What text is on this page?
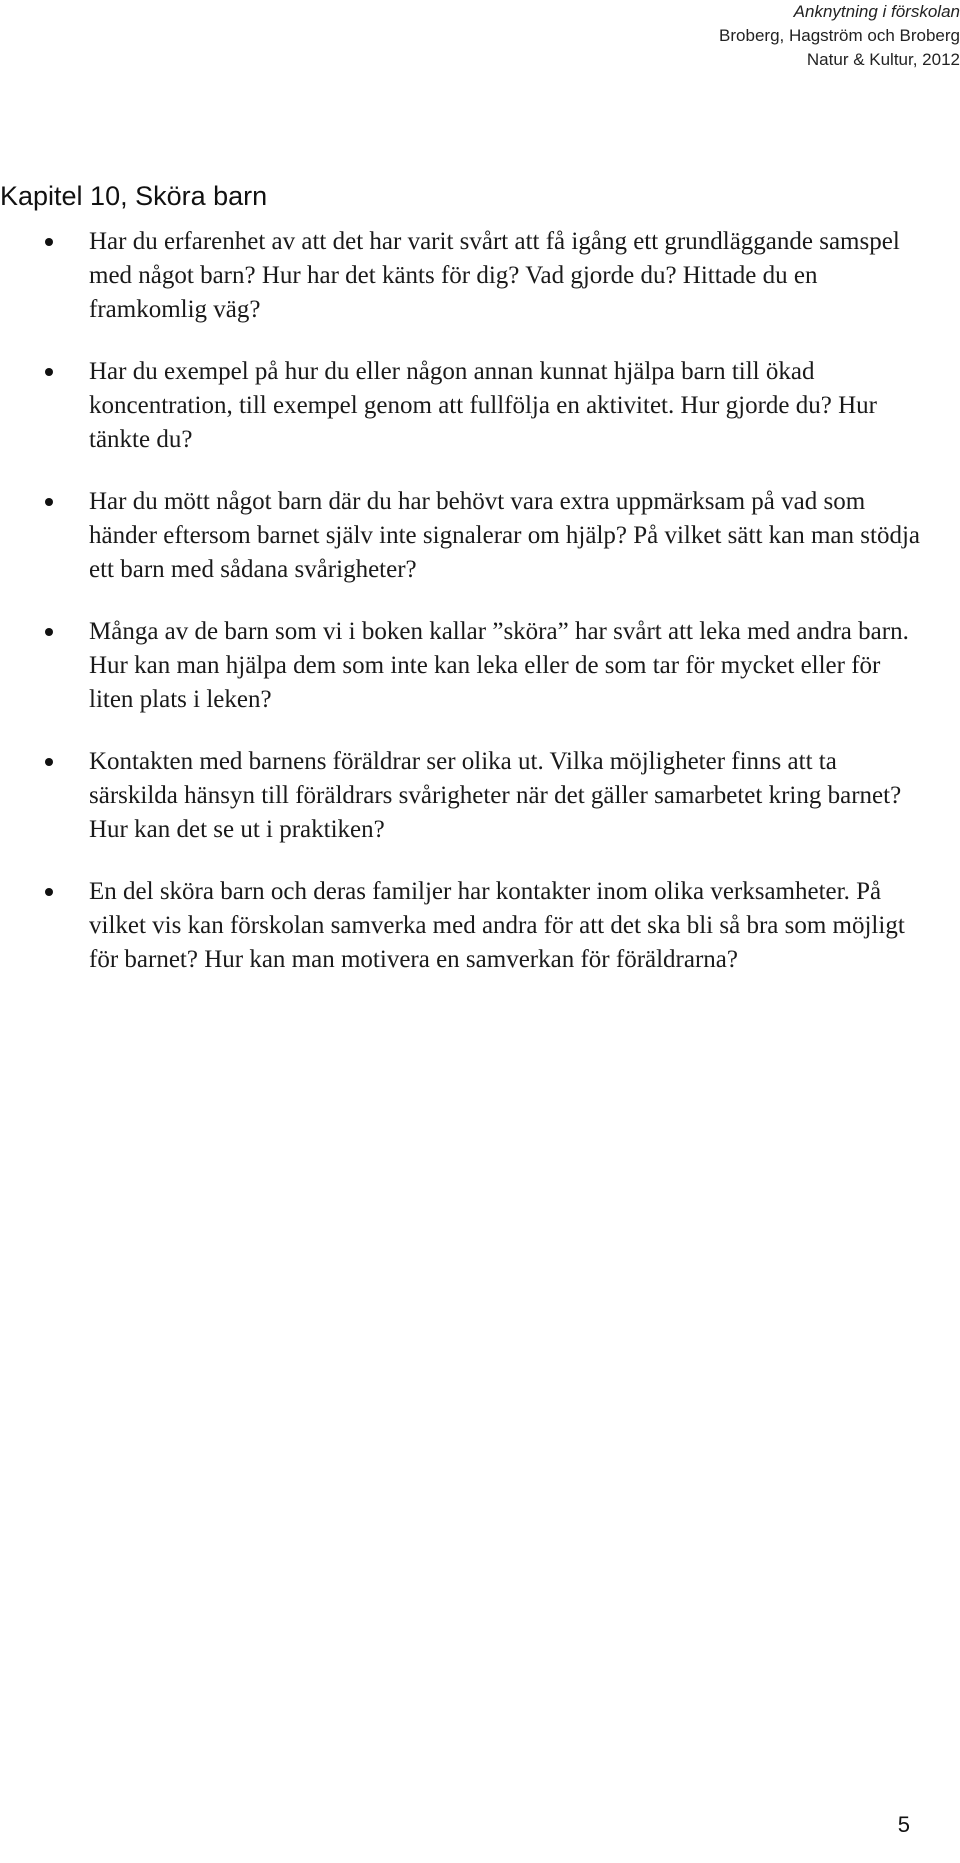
Anknytning i förskolan
Broberg, Hagström och Broberg
Natur & Kultur, 2012
Kapitel 10, Sköra barn
Har du erfarenhet av att det har varit svårt att få igång ett grundläggande samspel med något barn? Hur har det känts för dig? Vad gjorde du? Hittade du en framkomlig väg?
Har du exempel på hur du eller någon annan kunnat hjälpa barn till ökad koncentration, till exempel genom att fullfölja en aktivitet. Hur gjorde du? Hur tänkte du?
Har du mött något barn där du har behövt vara extra uppmärksam på vad som händer eftersom barnet själv inte signalerar om hjälp? På vilket sätt kan man stödja ett barn med sådana svårigheter?
Många av de barn som vi i boken kallar ”sköra” har svårt att leka med andra barn. Hur kan man hjälpa dem som inte kan leka eller de som tar för mycket eller för liten plats i leken?
Kontakten med barnens föräldrar ser olika ut. Vilka möjligheter finns att ta särskilda hänsyn till föräldrars svårigheter när det gäller samarbetet kring barnet? Hur kan det se ut i praktiken?
En del sköra barn och deras familjer har kontakter inom olika verksamheter. På vilket vis kan förskolan samverka med andra för att det ska bli så bra som möjligt för barnet? Hur kan man motivera en samverkan för föräldrarna?
5
